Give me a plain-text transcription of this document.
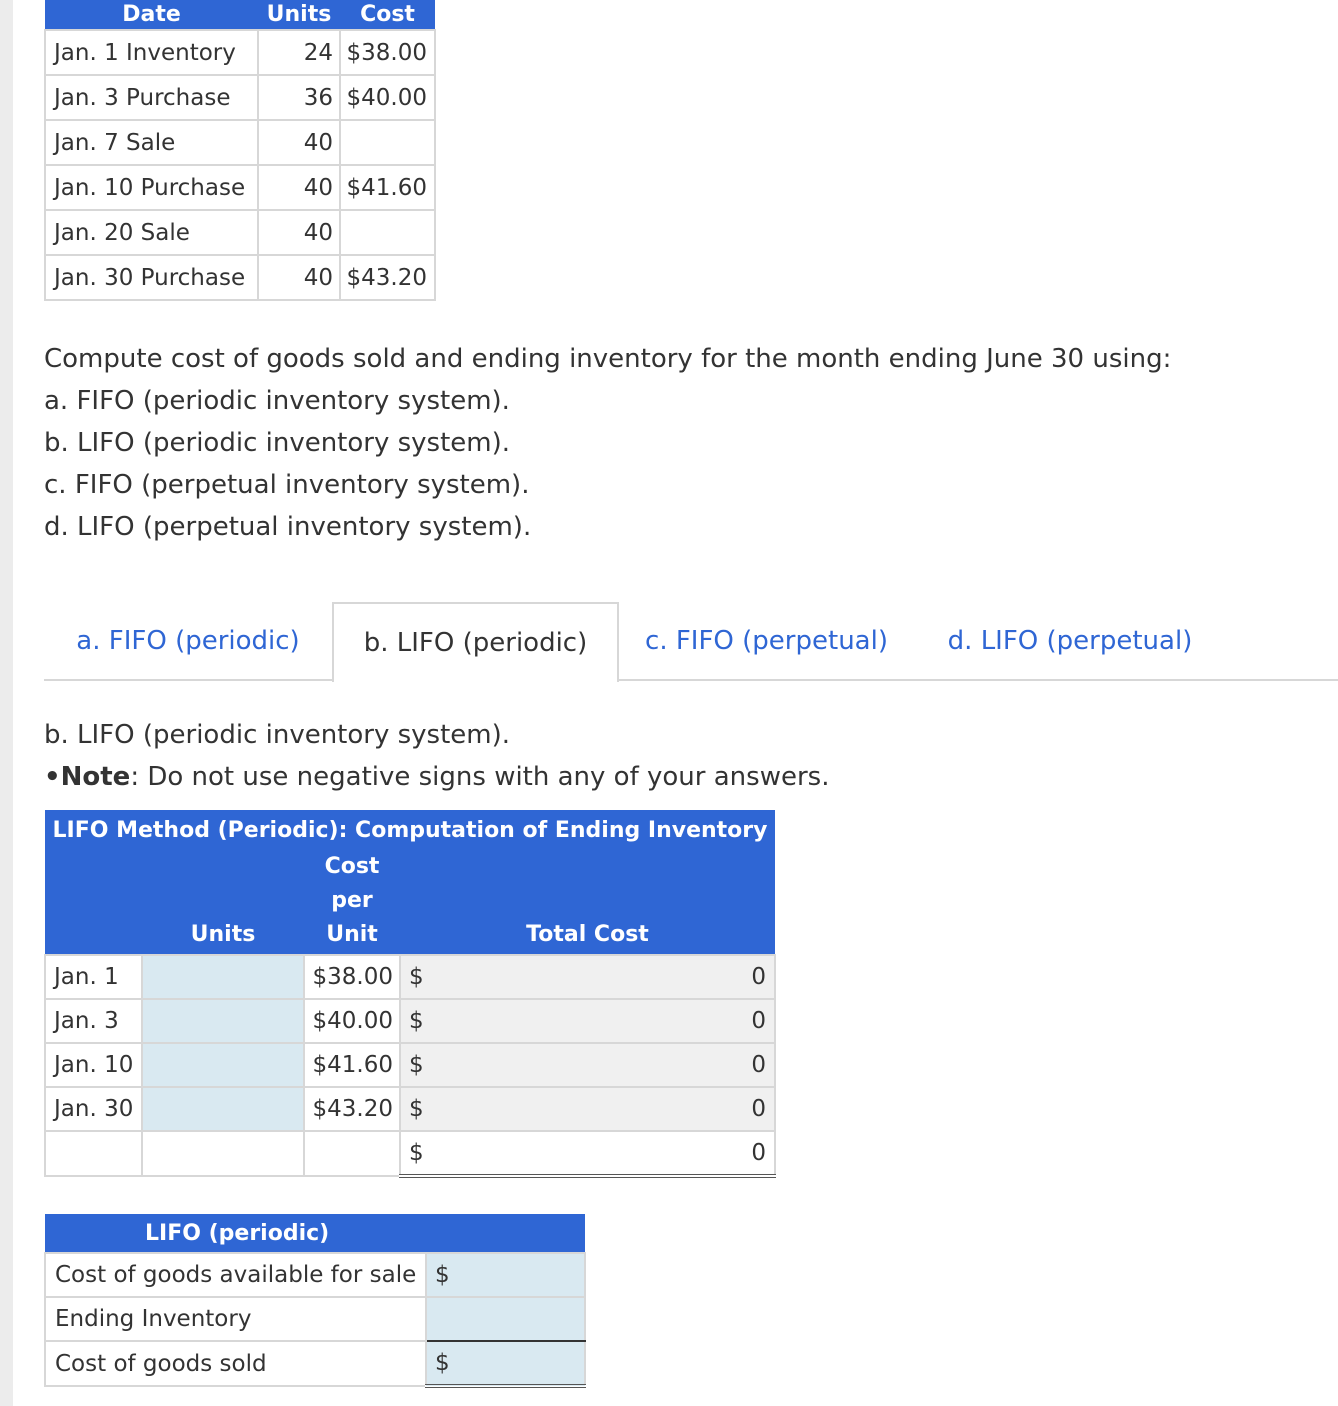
Date	Units	Cost
Jan. 1 Inventory	24	$38.00
Jan. 3 Purchase	36	$40.00
Jan. 7 Sale	40	
Jan. 10 Purchase	40	$41.60
Jan. 20 Sale	40	
Jan. 30 Purchase	40	$43.20
Compute cost of goods sold and ending inventory for the month ending June 30 using:
a. FIFO (periodic inventory system).
b. LIFO (periodic inventory system).
c. FIFO (perpetual inventory system).
d. LIFO (perpetual inventory system).
a. FIFO (periodic)	b. LIFO (periodic)	c. FIFO (perpetual)	d. LIFO (perpetual)
b. LIFO (periodic inventory system).
•Note: Do not use negative signs with any of your answers.
LIFO Method (Periodic): Computation of Ending Inventory				
	Units	Cost per Unit	Total Cost	
Jan. 1		$38.00	$	0
Jan. 3		$40.00	$	0
Jan. 10		$41.60	$	0
Jan. 30		$43.20	$	0
			$	0
LIFO (periodic)	
Cost of goods available for sale	$
Ending Inventory	
Cost of goods sold	$
